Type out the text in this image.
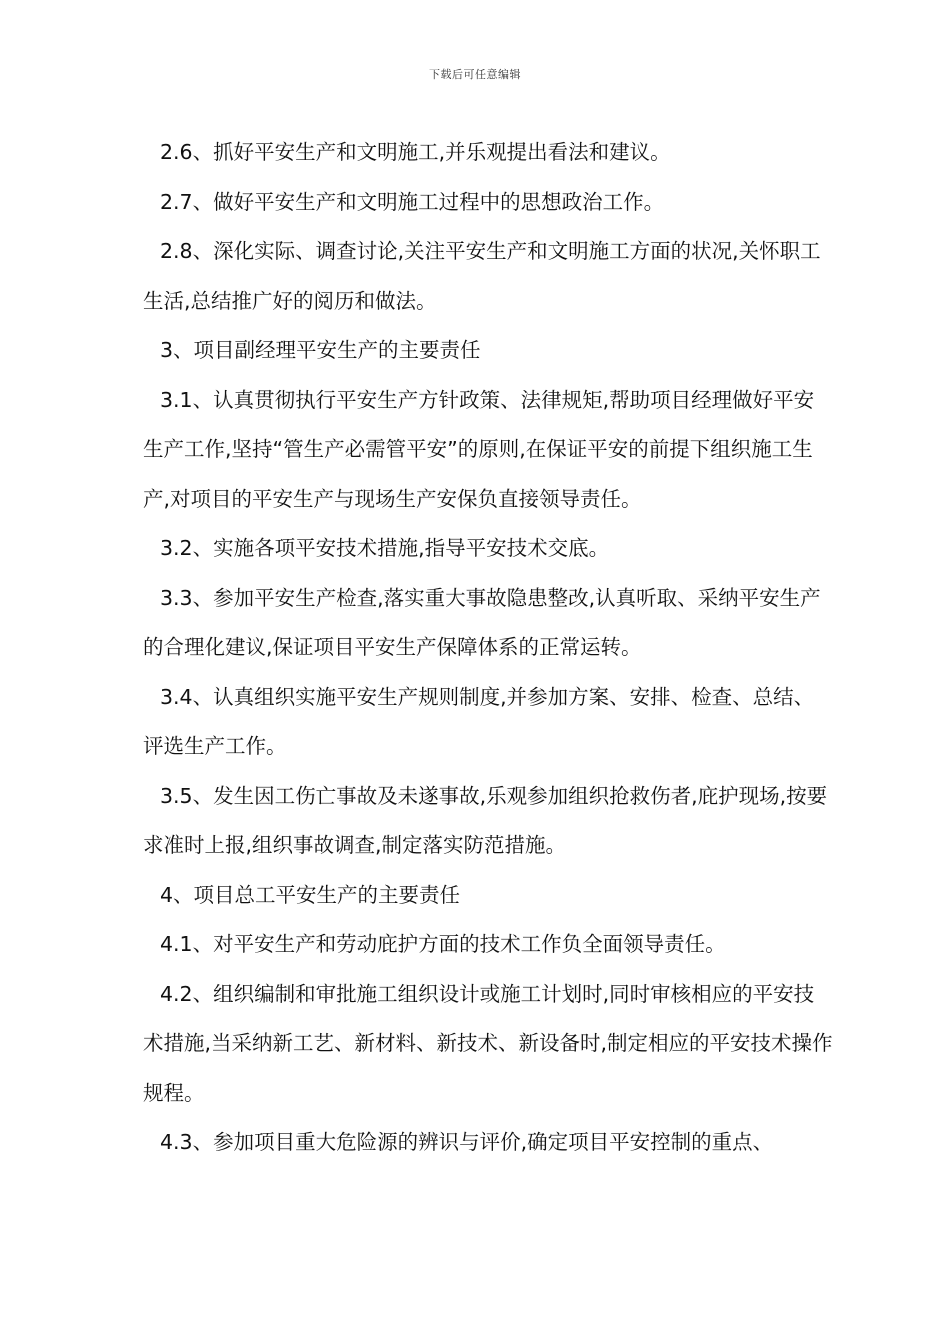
下载后可任意编辑

2.6、抓好平安生产和文明施工,并乐观提出看法和建议。

2.7、做好平安生产和文明施工过程中的思想政治工作。

2.8、深化实际、调查讨论,关注平安生产和文明施工方面的状况,关怀职工生活,总结推广好的阅历和做法。

3、项目副经理平安生产的主要责任

3.1、认真贯彻执行平安生产方针政策、法律规矩,帮助项目经理做好平安生产工作,坚持“管生产必需管平安”的原则,在保证平安的前提下组织施工生产,对项目的平安生产与现场生产安保负直接领导责任。

3.2、实施各项平安技术措施,指导平安技术交底。

3.3、参加平安生产检查,落实重大事故隐患整改,认真听取、采纳平安生产的合理化建议,保证项目平安生产保障体系的正常运转。

3.4、认真组织实施平安生产规则制度,并参加方案、安排、检查、总结、评选生产工作。

3.5、发生因工伤亡事故及未遂事故,乐观参加组织抢救伤者,庇护现场,按要求准时上报,组织事故调查,制定落实防范措施。

4、项目总工平安生产的主要责任

4.1、对平安生产和劳动庇护方面的技术工作负全面领导责任。

4.2、组织编制和审批施工组织设计或施工计划时,同时审核相应的平安技术措施,当采纳新工艺、新材料、新技术、新设备时,制定相应的平安技术操作规程。

4.3、参加项目重大危险源的辨识与评价,确定项目平安控制的重点、
